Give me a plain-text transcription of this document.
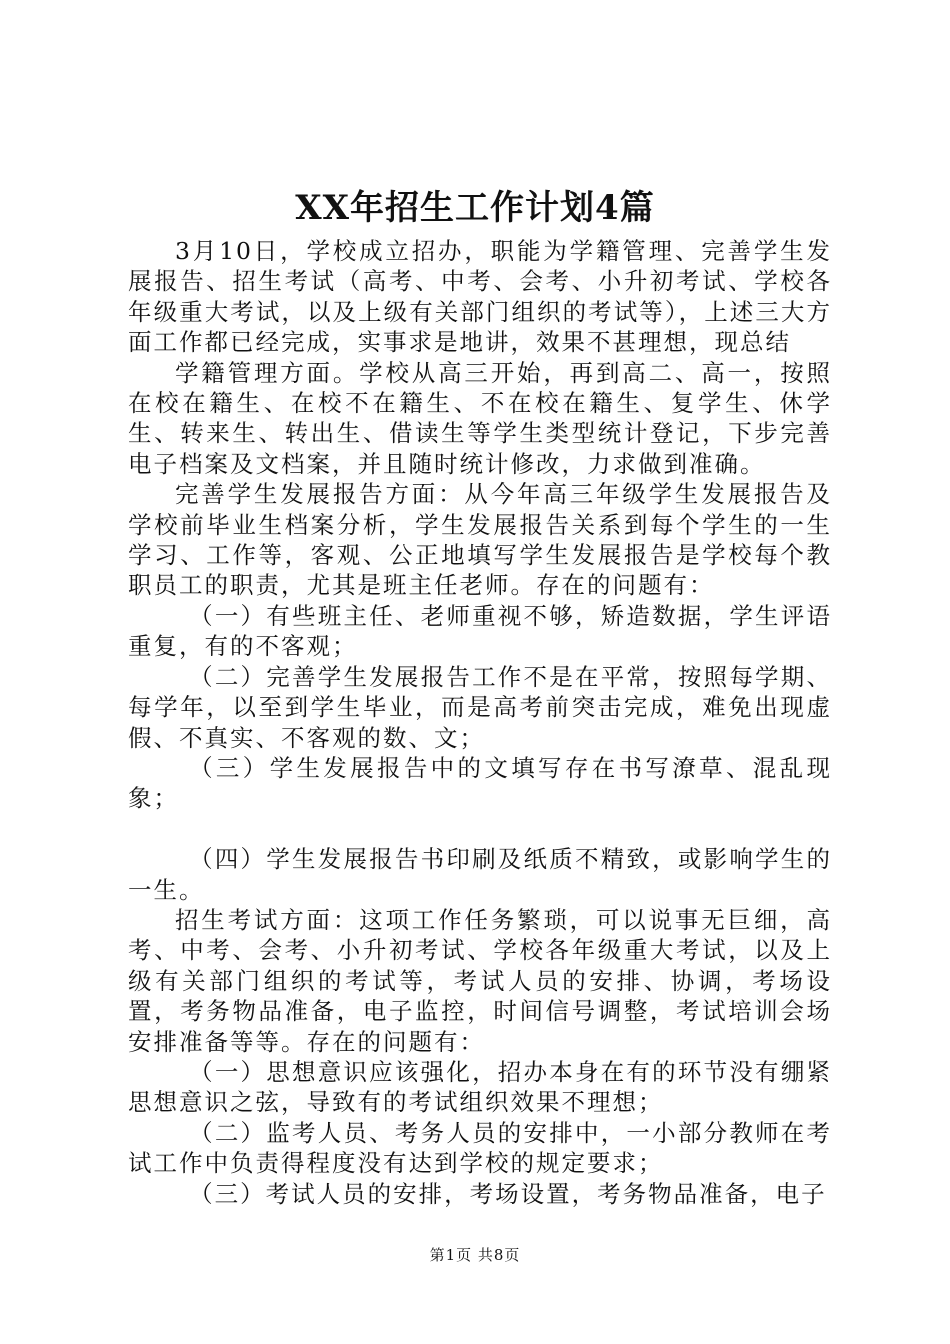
XX年招生工作计划4篇

3月10日，学校成立招办，职能为学籍管理、完善学生发展报告、招生考试（高考、中考、会考、小升初考试、学校各年级重大考试，以及上级有关部门组织的考试等），上述三大方面工作都已经完成，实事求是地讲，效果不甚理想，现总结

学籍管理方面。学校从高三开始，再到高二、高一，按照在校在籍生、在校不在籍生、不在校在籍生、复学生、休学生、转来生、转出生、借读生等学生类型统计登记，下步完善电子档案及文档案，并且随时统计修改，力求做到准确。

完善学生发展报告方面：从今年高三年级学生发展报告及学校前毕业生档案分析，学生发展报告关系到每个学生的一生学习、工作等，客观、公正地填写学生发展报告是学校每个教职员工的职责，尤其是班主任老师。存在的问题有：

（一）有些班主任、老师重视不够，矫造数据，学生评语重复，有的不客观；

（二）完善学生发展报告工作不是在平常，按照每学期、每学年，以至到学生毕业，而是高考前突击完成，难免出现虚假、不真实、不客观的数、文；

（三）学生发展报告中的文填写存在书写潦草、混乱现象；

（四）学生发展报告书印刷及纸质不精致，或影响学生的一生。

招生考试方面：这项工作任务繁琐，可以说事无巨细，高考、中考、会考、小升初考试、学校各年级重大考试，以及上级有关部门组织的考试等，考试人员的安排、协调，考场设置，考务物品准备，电子监控，时间信号调整，考试培训会场安排准备等等。存在的问题有：

（一）思想意识应该强化，招办本身在有的环节没有绷紧思想意识之弦，导致有的考试组织效果不理想；

（二）监考人员、考务人员的安排中，一小部分教师在考试工作中负责得程度没有达到学校的规定要求；

（三）考试人员的安排，考场设置，考务物品准备，电子

第1页 共8页
